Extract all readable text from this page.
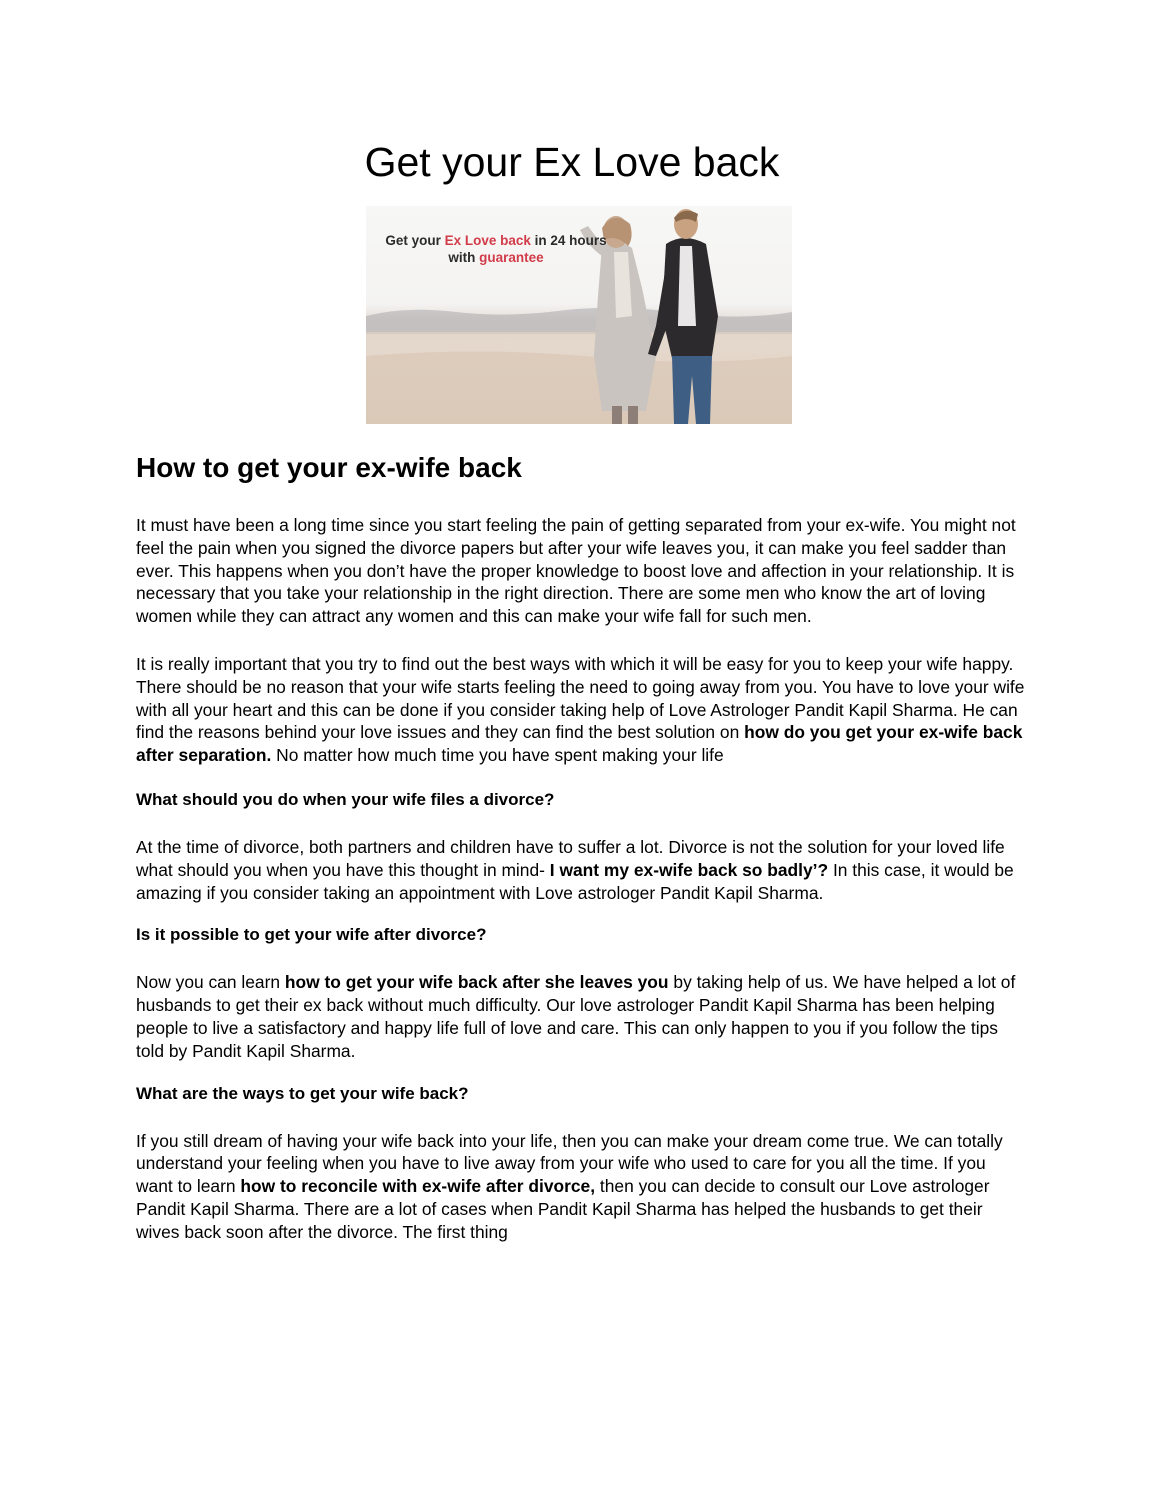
Get your Ex Love back
Get your Ex Love back in 24 hours
with guarantee
How to get your ex-wife back

It must have been a long time since you start feeling the pain of getting separated from your ex-wife. You might not feel the pain when you signed the divorce papers but after your wife leaves you, it can make you feel sadder than ever. This happens when you don’t have the proper knowledge to boost love and affection in your relationship. It is necessary that you take your relationship in the right direction. There are some men who know the art of loving women while they can attract any women and this can make your wife fall for such men.

It is really important that you try to find out the best ways with which it will be easy for you to keep your wife happy. There should be no reason that your wife starts feeling the need to going away from you. You have to love your wife with all your heart and this can be done if you consider taking help of Love Astrologer Pandit Kapil Sharma. He can find the reasons behind your love issues and they can find the best solution on how do you get your ex-wife back after separation. No matter how much time you have spent making your life

What should you do when your wife files a divorce?

At the time of divorce, both partners and children have to suffer a lot. Divorce is not the solution for your loved life what should you when you have this thought in mind- I want my ex-wife back so badly’? In this case, it would be amazing if you consider taking an appointment with Love astrologer Pandit Kapil Sharma.

Is it possible to get your wife after divorce?

Now you can learn how to get your wife back after she leaves you by taking help of us. We have helped a lot of husbands to get their ex back without much difficulty. Our love astrologer Pandit Kapil Sharma has been helping people to live a satisfactory and happy life full of love and care. This can only happen to you if you follow the tips told by Pandit Kapil Sharma.

What are the ways to get your wife back?

If you still dream of having your wife back into your life, then you can make your dream come true. We can totally understand your feeling when you have to live away from your wife who used to care for you all the time. If you want to learn how to reconcile with ex-wife after divorce, then you can decide to consult our Love astrologer Pandit Kapil Sharma. There are a lot of cases when Pandit Kapil Sharma has helped the husbands to get their wives back soon after the divorce. The first thing
